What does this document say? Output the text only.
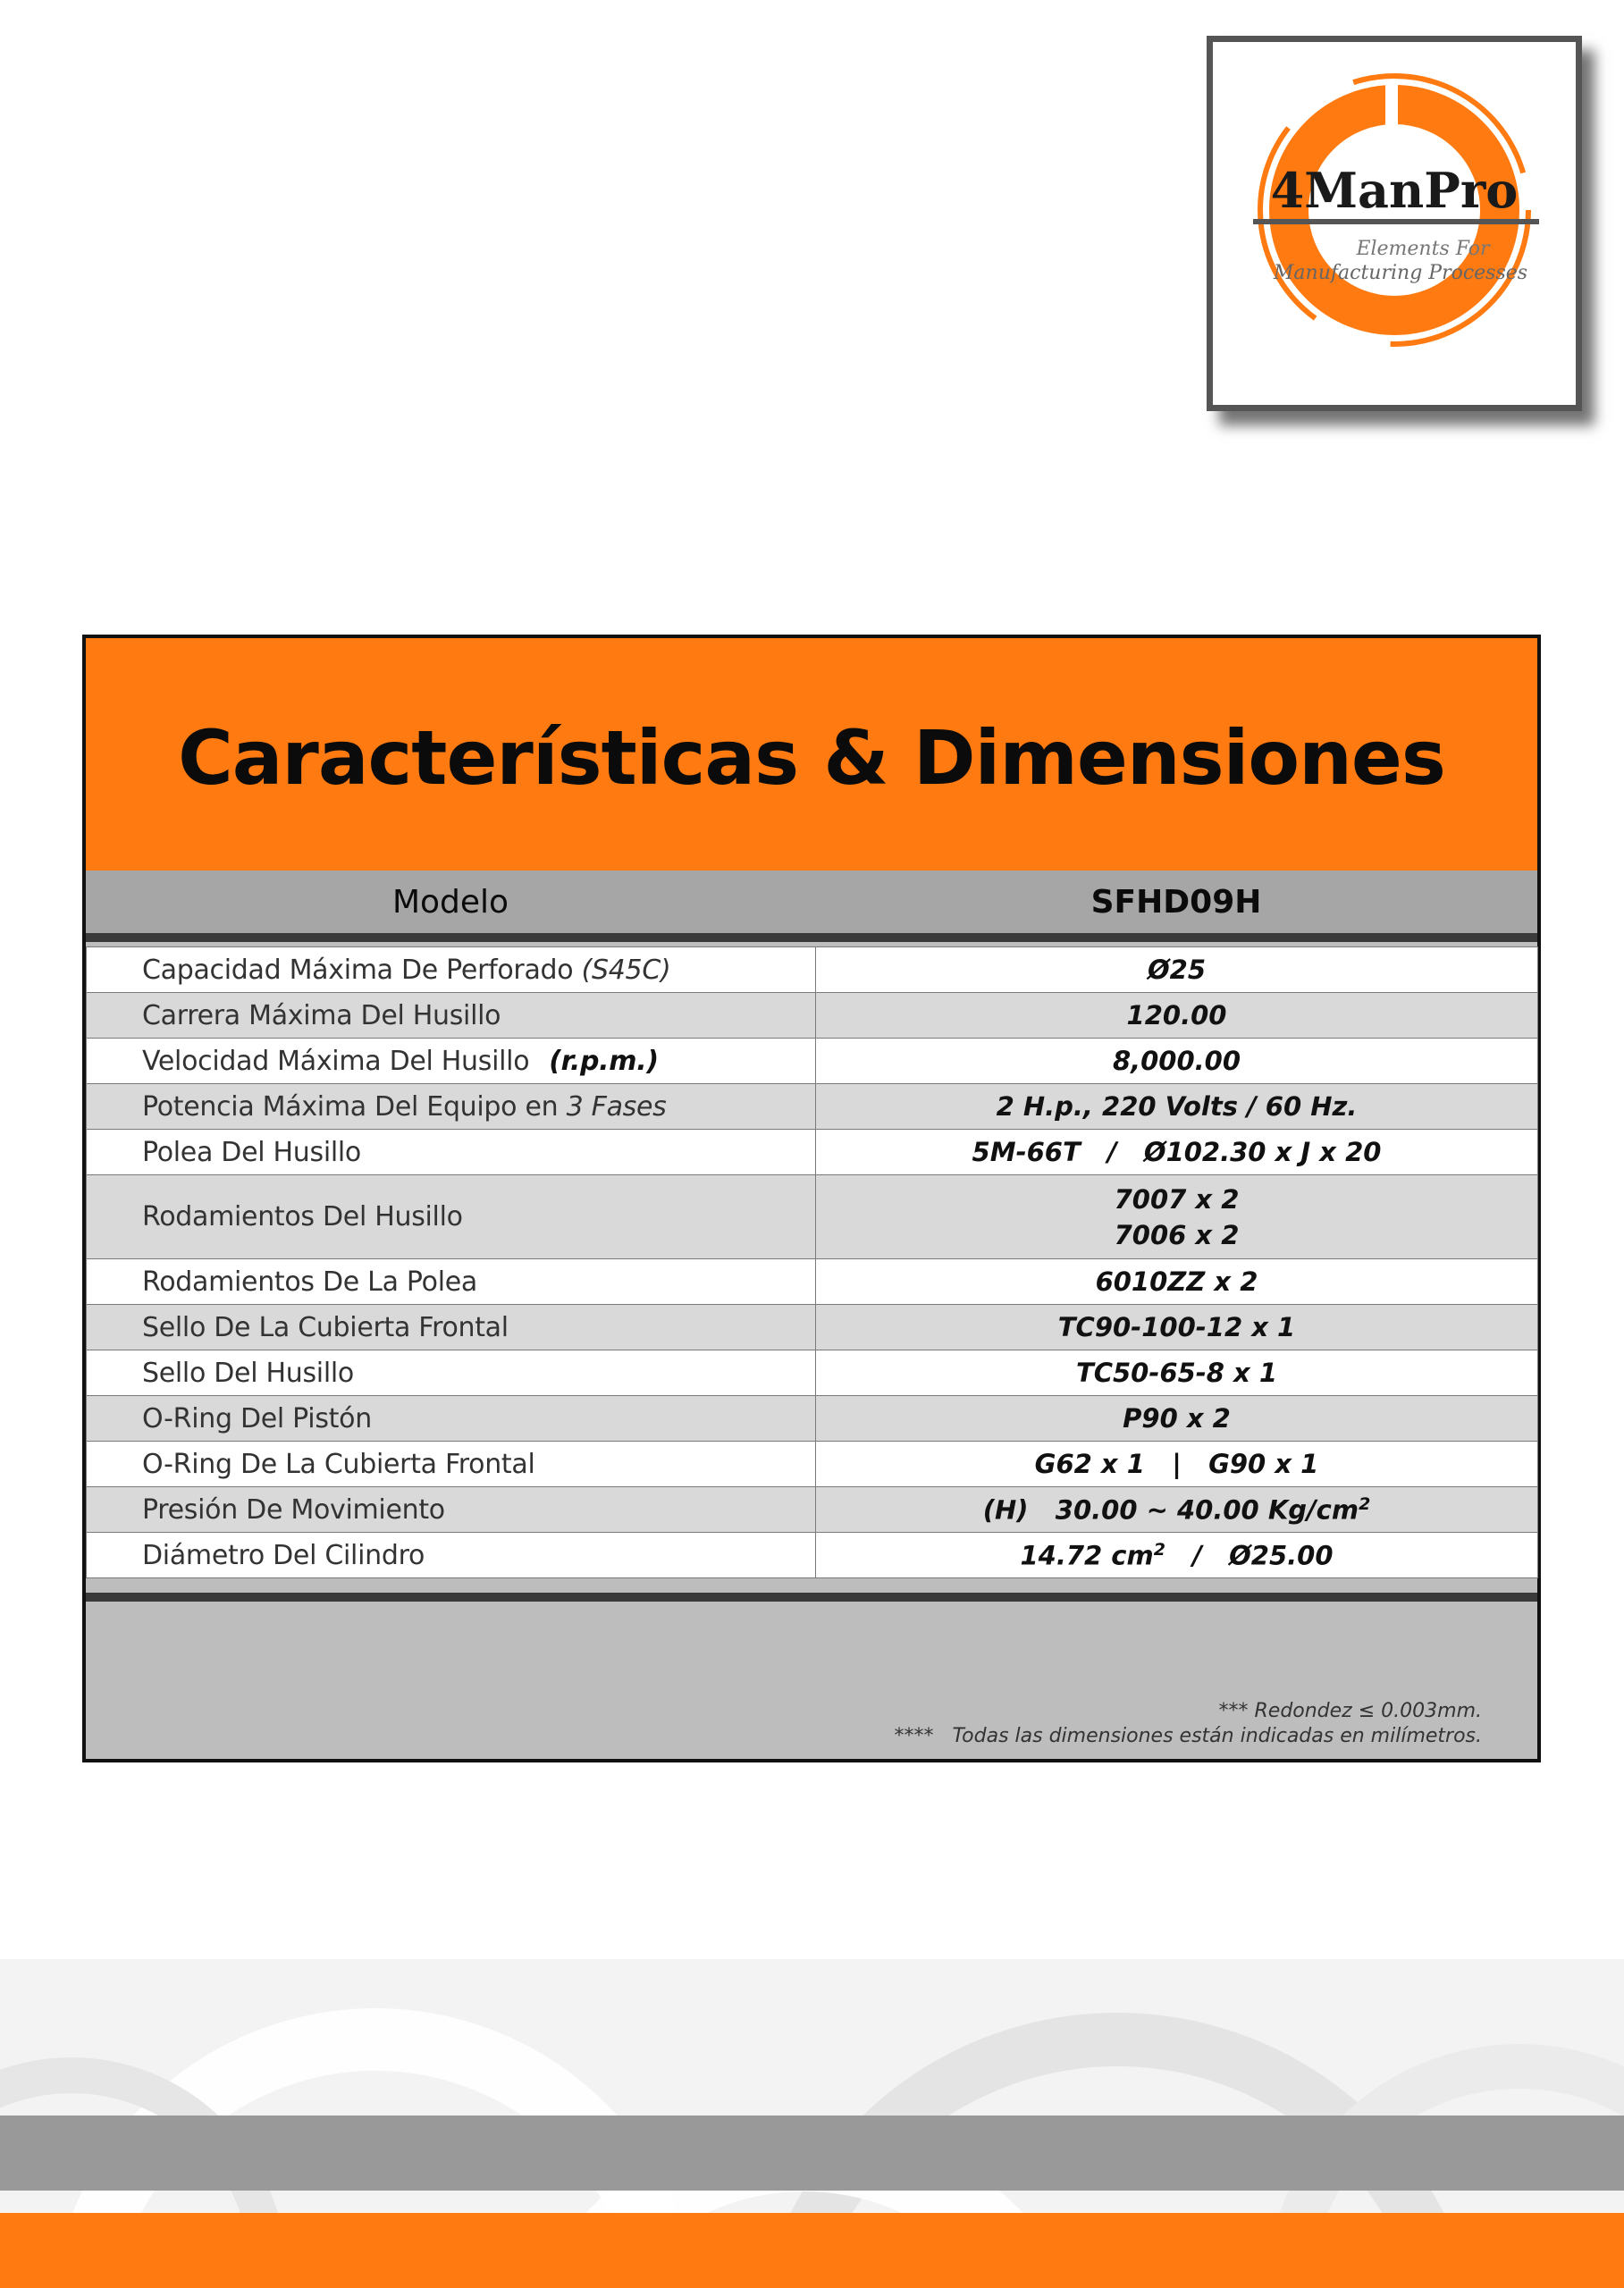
4ManPro
Elements For
Manufacturing Processes
Características & Dimensiones
Modelo	SFHD09H
Capacidad Máxima De Perforado (S45C)	Ø25
Carrera Máxima Del Husillo	120.00
Velocidad Máxima Del Husillo (r.p.m.)	8,000.00
Potencia Máxima Del Equipo en 3 Fases	2 H.p., 220 Volts / 60 Hz.
Polea Del Husillo	5M-66T   /   Ø102.30 x J x 20
Rodamientos Del Husillo	7007 x 2
7006 x 2

Rodamientos De La Polea	6010ZZ x 2
Sello De La Cubierta Frontal	TC90-100-12 x 1
Sello Del Husillo	TC50-65-8 x 1
O-Ring Del Pistón	P90 x 2
O-Ring De La Cubierta Frontal	G62 x 1   |   G90 x 1
Presión De Movimiento	(H)   30.00 ~ 40.00 $Kg/cm^2$
Diámetro Del Cilindro	14.72 $cm^2$   /   Ø25.00
*** Redondez ≤ 0.003mm.
****   Todas las dimensiones están indicadas en milímetros.
